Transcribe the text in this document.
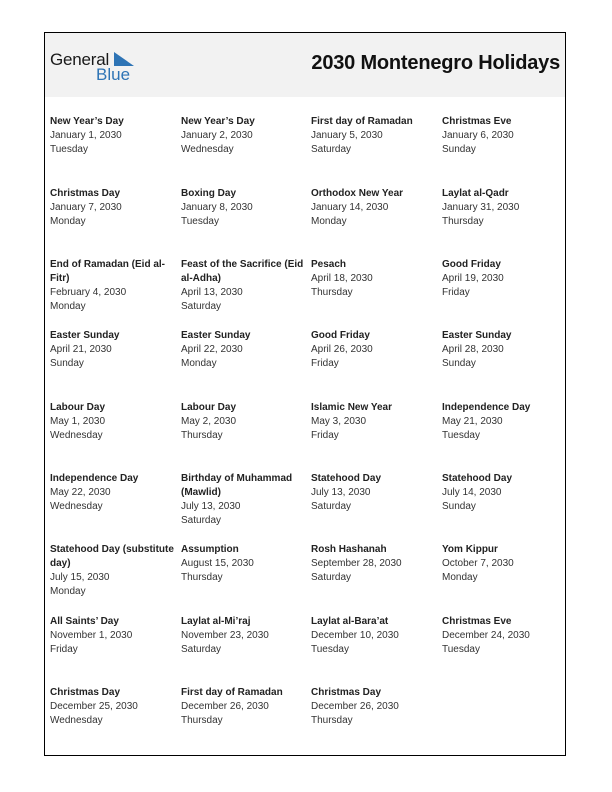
General
Blue
2030 Montenegro Holidays
New Year’s Day
January 1, 2030
Tuesday
New Year’s Day
January 2, 2030
Wednesday
First day of Ramadan
January 5, 2030
Saturday
Christmas Eve
January 6, 2030
Sunday
Christmas Day
January 7, 2030
Monday
Boxing Day
January 8, 2030
Tuesday
Orthodox New Year
January 14, 2030
Monday
Laylat al-Qadr
January 31, 2030
Thursday
End of Ramadan (Eid al-Fitr)
February 4, 2030
Monday
Feast of the Sacrifice (Eid al-Adha)
April 13, 2030
Saturday
Pesach
April 18, 2030
Thursday
Good Friday
April 19, 2030
Friday
Easter Sunday
April 21, 2030
Sunday
Easter Sunday
April 22, 2030
Monday
Good Friday
April 26, 2030
Friday
Easter Sunday
April 28, 2030
Sunday
Labour Day
May 1, 2030
Wednesday
Labour Day
May 2, 2030
Thursday
Islamic New Year
May 3, 2030
Friday
Independence Day
May 21, 2030
Tuesday
Independence Day
May 22, 2030
Wednesday
Birthday of Muhammad (Mawlid)
July 13, 2030
Saturday
Statehood Day
July 13, 2030
Saturday
Statehood Day
July 14, 2030
Sunday
Statehood Day (substitute day)
July 15, 2030
Monday
Assumption
August 15, 2030
Thursday
Rosh Hashanah
September 28, 2030
Saturday
Yom Kippur
October 7, 2030
Monday
All Saints’ Day
November 1, 2030
Friday
Laylat al-Mi’raj
November 23, 2030
Saturday
Laylat al-Bara’at
December 10, 2030
Tuesday
Christmas Eve
December 24, 2030
Tuesday
Christmas Day
December 25, 2030
Wednesday
First day of Ramadan
December 26, 2030
Thursday
Christmas Day
December 26, 2030
Thursday
